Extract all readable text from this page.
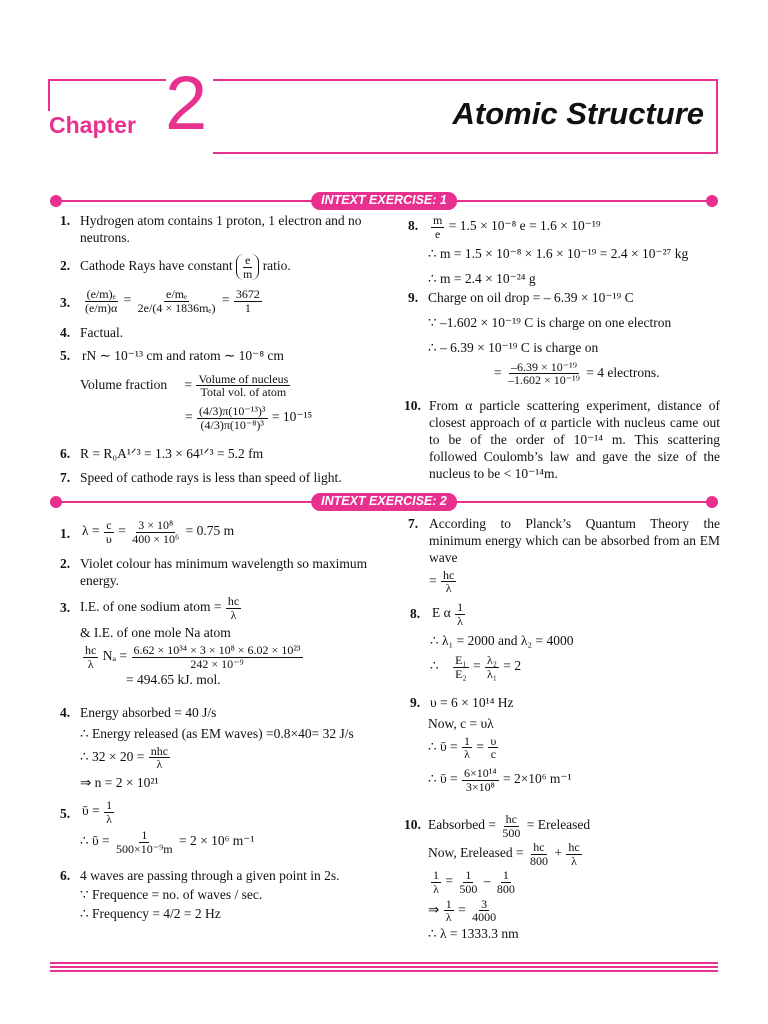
Chapter 2	Atomic Structure
INTEXT EXERCISE: 1
1. Hydrogen atom contains 1 proton, 1 electron and no neutrons.
2. Cathode Rays have constant $\frac{e}{m}$ ratio.
3. $\frac{\text{(e/m)ₑ}}{(e/m)\alpha} = \frac{\text{e/mₑ}}{\text{2e/(4 × 1836mₑ)}} = \frac{3672}{1}$
4. Factual.
5. rN ∼ 10⁻¹³ cm and ratom ∼ 10⁻⁸ cm
Volume fraction = $\frac{\text{Volume of nucleus}}{\text{Total vol. of atom}}$
= $\frac{\text{(4/3)π(10⁻¹³)³}}{\text{(4/3)π(10⁻⁸)³}} = 10^{-15}$
6. R = R₀A¹ᐟ³ = 1.3 × 64¹ᐟ³ = 5.2 fm
7. Speed of cathode rays is less than speed of light.
8. $\frac{m}{e} = 1.5 \times 10^{-8}$ e = 1.6 × 10⁻¹⁹
∴ m = 1.5 × 10⁻⁸ × 1.6 × 10⁻¹⁹ = 2.4 × 10⁻²⁷ kg
∴ m = 2.4 × 10⁻²⁴ g
9. Charge on oil drop = – 6.39 × 10⁻¹⁹ C
∵ –1.602 × 10⁻¹⁹ C is charge on one electron
∴ – 6.39 × 10⁻¹⁹ C is charge on
= $\frac{\text{–6.39 × 10⁻¹⁹}}{\text{–1.602 × 10⁻¹⁹}} = 4$ electrons.
10. From α particle scattering experiment, distance of closest approach of α particle with nucleus came out to be of the order of 10⁻¹⁴ m. This scattering followed Coulomb’s law and gave the size of the nucleus to be < 10⁻¹⁴m.
INTEXT EXERCISE: 2
1. $\lambda = \frac{c}{\upsilon} = \frac{\text{3 × 10⁸}}{\text{400 × 10⁶}} = 0.75$ m
2. Violet colour has minimum wavelength so maximum energy.
3. I.E. of one sodium atom = $\frac{hc}{\lambda}$
& I.E. of one mole Na atom
$\frac{hc}{\lambda}$ $N_a = \frac{\text{6.62 × 10³⁴ × 3 × 10⁸ × 6.02 × 10²³}}{\text{242 × 10⁻⁹}}$
= 494.65 kJ. mol.
4. Energy absorbed = 40 J/s
∴ Energy released (as EM waves) =0.8×40= 32 J/s
∴ $32 \times 20 = \frac{\text{nhc}}{\lambda}$
⇒ n = 2 × 10²¹
5. ῡ = $\frac{1}{\lambda}$
∴ ῡ = $\frac{1}{\text{500×10⁻⁹m}} = 2 \times 10^6$ m⁻¹
6. 4 waves are passing through a given point in 2s.
∵ Frequence = no. of waves / sec.
∴ Frequency = 4/2 = 2 Hz
7. According to Planck’s Quantum Theory the minimum energy which can be absorbed from an EM wave
= $\frac{hc}{\lambda}$
8. E α $\frac{1}{\lambda}$
∴ λ₁ = 2000 and λ₂ = 4000
∴ $\frac{\text{E₁}}{\text{E₂}} = \frac{\text{λ₂}}{\text{λ₁}} = 2$
9. υ = 6 × 10¹⁴ Hz
Now, c = υλ
∴ ῡ = $\frac{1}{\lambda} = \frac{\upsilon}{c}$
∴ ῡ = $\frac{\text{6×10¹⁴}}{\text{3×10⁸}} = 2\times 10^6$ m⁻¹
10. Eabsorbed = $\frac{hc}{500}$ = Ereleased
Now, Ereleased = $\frac{hc}{800} + \frac{hc}{\lambda}$
$\frac{1}{\lambda} = \frac{1}{500} - \frac{1}{800}$
⇒ $\frac{1}{\lambda} = \frac{3}{4000}$
∴ λ = 1333.3 nm
